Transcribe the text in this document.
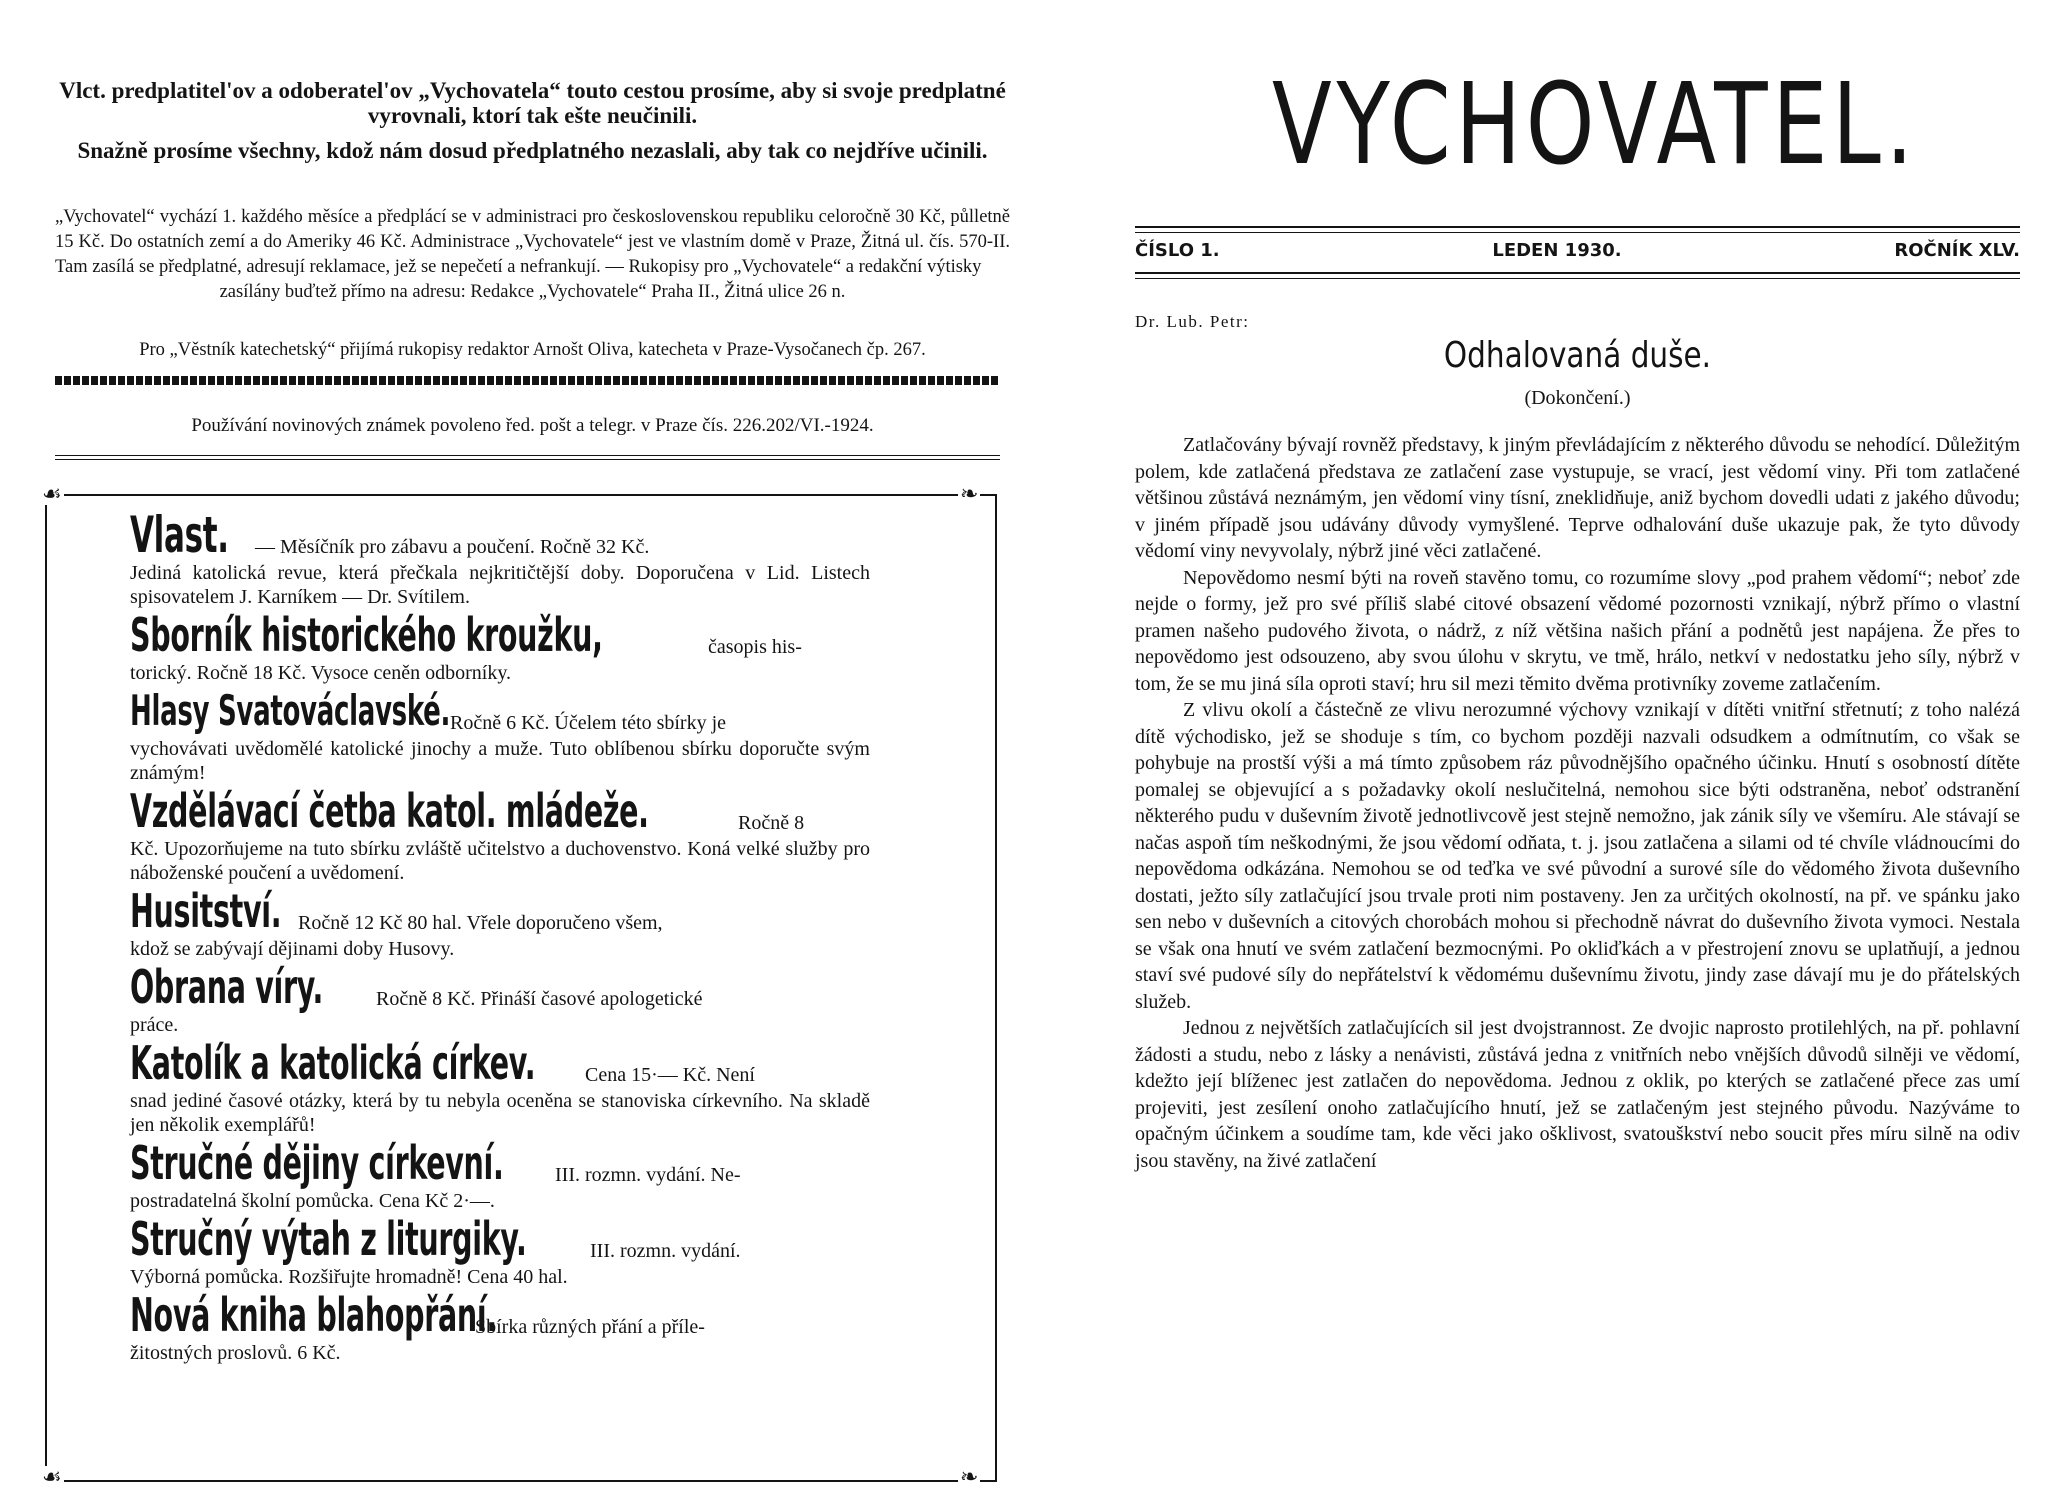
Vlct. predplatitel'ov a odoberatel'ov „Vychovatela“ touto cestou prosíme, aby si svoje predplatné vyrovnali, ktorí tak ešte neučinili.
Snažně prosíme všechny, kdož nám dosud předplatného nezaslali, aby tak co nejdříve učinili.

„Vychovatel“ vychází 1. každého měsíce a předplácí se v administraci pro československou republiku celoročně 30 Kč, půlletně 15 Kč. Do ostatních zemí a do Ameriky 46 Kč. Administrace „Vychovatele“ jest ve vlastním domě v Praze, Žitná ul. čís. 570-II. Tam zasílá se předplatné, adresují reklamace, jež se nepečetí a nefrankují. — Rukopisy pro „Vychovatele“ a redakční výtisky

zasílány buďtež přímo na adresu: Redakce „Vychovatele“ Praha II., Žitná ulice 26 n.

Pro „Věstník katechetský“ přijímá rukopisy redaktor Arnošt Oliva, katecheta v Praze-Vysočanech čp. 267.
Používání novinových známek povoleno řed. pošt a telegr. v Praze čís. 226.202/VI.-1924.
☙	❧
☙	❧
Vlast. — Měsíčník pro zábavu a poučení. Ročně 32 Kč.
Jediná katolická revue, která přečkala nejkritičtější doby. Doporučena v Lid. Listech spisovatelem J. Karníkem — Dr. Svítilem.
Sborník historického kroužku,	časopis his-
torický. Ročně 18 Kč. Vysoce ceněn odborníky.
Hlasy Svatováclavské. Ročně 6 Kč. Účelem této sbírky je
vychovávati uvědomělé katolické jinochy a muže. Tuto oblíbenou sbírku doporučte svým známým!
Vzdělávací četba katol. mládeže.	Ročně 8
Kč. Upozorňujeme na tuto sbírku zvláště učitelstvo a duchovenstvo. Koná velké služby pro náboženské poučení a uvědomení.
Husitství. Ročně 12 Kč 80 hal. Vřele doporučeno všem,
kdož se zabývají dějinami doby Husovy.
Obrana víry.	Ročně 8 Kč. Přináší časové apologetické
práce.
Katolík a katolická církev. Cena 15·— Kč. Není
snad jediné časové otázky, která by tu nebyla oceněna se stanoviska církevního. Na skladě jen několik exemplářů!
Stručné dějiny církevní.	III. rozmn. vydání. Ne-
postradatelná školní pomůcka. Cena Kč 2·—.
Stručný výtah z liturgiky.	III. rozmn. vydání.
Výborná pomůcka. Rozšiřujte hromadně! Cena 40 hal.
Nová kniha blahopřání.
Sbírka různých přání a příle-
žitostných proslovů. 6 Kč.
VYCHOVATEL.
ČÍSLO 1.	LEDEN 1930.	ROČNÍK XLV.
Dr. Lub. Petr:
Odhalovaná duše.
(Dokončení.)

Zatlačovány bývají rovněž představy, k jiným převládajícím z některého důvodu se nehodící. Důležitým polem, kde zatlačená představa ze zatlačení zase vystupuje, se vrací, jest vědomí viny. Při tom zatlačené většinou zůstává neznámým, jen vědomí viny tísní, zneklidňuje, aniž bychom dovedli udati z jakého důvodu; v jiném případě jsou udávány důvody vymyšlené. Teprve odhalování duše ukazuje pak, že tyto důvody vědomí viny nevyvolaly, nýbrž jiné věci zatlačené.

Nepovědomo nesmí býti na roveň stavěno tomu, co rozumíme slovy „pod prahem vědomí“; neboť zde nejde o formy, jež pro své příliš slabé citové obsazení vědomé pozornosti vznikají, nýbrž přímo o vlastní pramen našeho pudového života, o nádrž, z níž většina našich přání a podnětů jest napájena. Že přes to nepovědomo jest odsouzeno, aby svou úlohu v skrytu, ve tmě, hrálo, netkví v nedostatku jeho síly, nýbrž v tom, že se mu jiná síla oproti staví; hru sil mezi těmito dvěma protivníky zoveme zatlačením.

Z vlivu okolí a částečně ze vlivu nerozumné výchovy vznikají v dítěti vnitřní střetnutí; z toho nalézá dítě východisko, jež se shoduje s tím, co bychom později nazvali odsudkem a odmítnutím, co však se pohybuje na prostší výši a má tímto způsobem ráz původnějšího opačného účinku. Hnutí s osobností dítěte pomalej se objevující a s požadavky okolí neslučitelná, nemohou sice býti odstraněna, neboť odstranění některého pudu v duševním životě jednotlivcově jest stejně nemožno, jak zánik síly ve všemíru. Ale stávají se načas aspoň tím neškodnými, že jsou vědomí odňata, t. j. jsou zatlačena a silami od té chvíle vládnoucími do nepovědoma odkázána. Nemohou se od teďka ve své původní a surové síle do vědomého života duševního dostati, ježto síly zatlačující jsou trvale proti nim postaveny. Jen za určitých okolností, na př. ve spánku jako sen nebo v duševních a citových chorobách mohou si přechodně návrat do duševního života vymoci. Nestala se však ona hnutí ve svém zatlačení bezmocnými. Po okliďkách a v přestrojení znovu se uplatňují, a jednou staví své pudové síly do nepřátelství k vědomému duševnímu životu, jindy zase dávají mu je do přátelských služeb.

Jednou z největších zatlačujících sil jest dvojstrannost. Ze dvojic naprosto protilehlých, na př. pohlavní žádosti a studu, nebo z lásky a nenávisti, zůstává jedna z vnitřních nebo vnějších důvodů silněji ve vědomí, kdežto její blíženec jest zatlačen do nepovědoma. Jednou z oklik, po kterých se zatlačené přece zas umí projeviti, jest zesílení onoho zatlačujícího hnutí, jež se zatlačeným jest stejného původu. Nazýváme to opačným účinkem a soudíme tam, kde věci jako ošklivost, svatouškství nebo soucit přes míru silně na odiv jsou stavěny, na živé zatlačení
